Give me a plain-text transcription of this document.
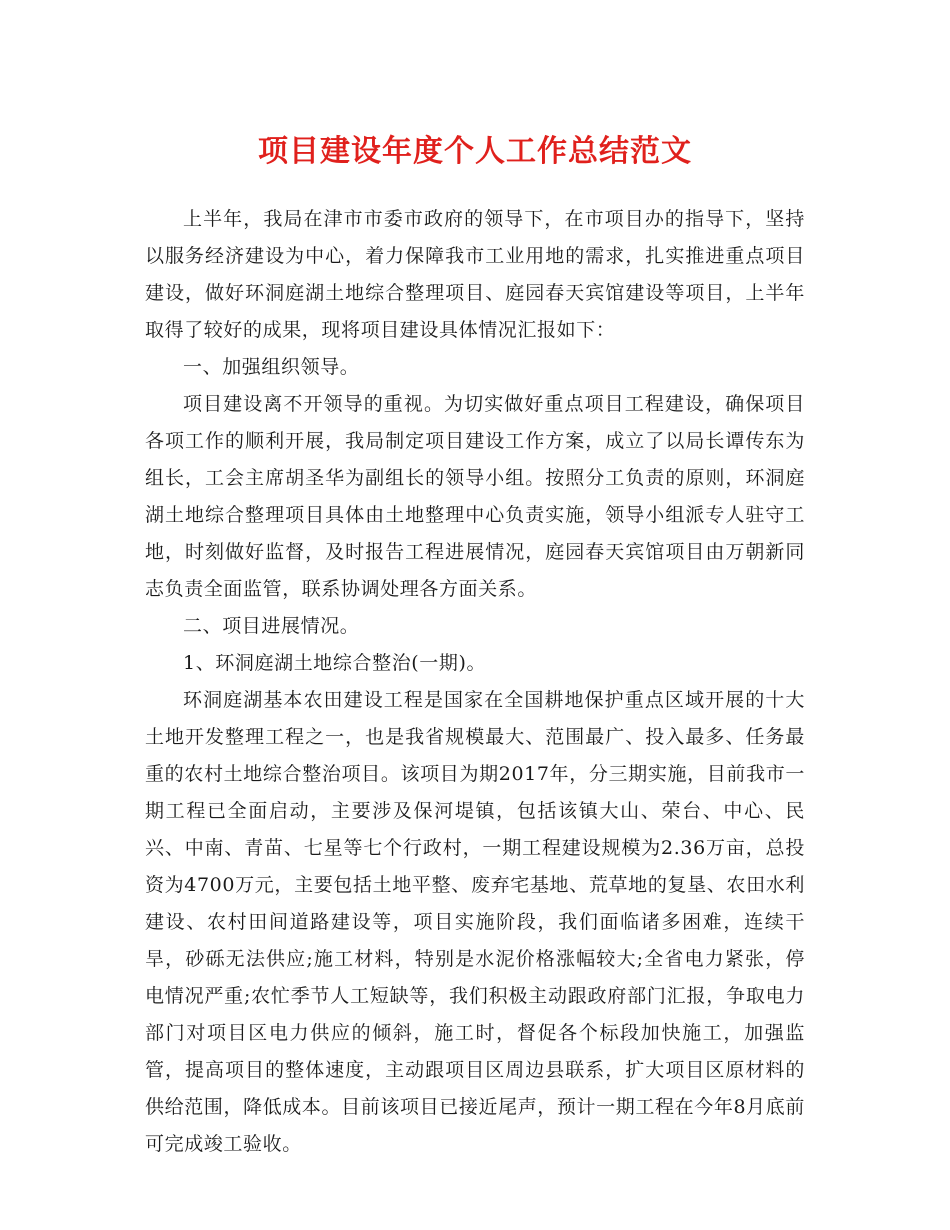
项目建设年度个人工作总结范文

上半年，我局在津市市委市政府的领导下，在市项目办的指导下，坚持以服务经济建设为中心，着力保障我市工业用地的需求，扎实推进重点项目建设，做好环洞庭湖土地综合整理项目、庭园春天宾馆建设等项目，上半年取得了较好的成果，现将项目建设具体情况汇报如下：

一、加强组织领导。

项目建设离不开领导的重视。为切实做好重点项目工程建设，确保项目各项工作的顺利开展，我局制定项目建设工作方案，成立了以局长谭传东为组长，工会主席胡圣华为副组长的领导小组。按照分工负责的原则，环洞庭湖土地综合整理项目具体由土地整理中心负责实施，领导小组派专人驻守工地，时刻做好监督，及时报告工程进展情况，庭园春天宾馆项目由万朝新同志负责全面监管，联系协调处理各方面关系。

二、项目进展情况。

1、环洞庭湖土地综合整治(一期)。

环洞庭湖基本农田建设工程是国家在全国耕地保护重点区域开展的十大土地开发整理工程之一，也是我省规模最大、范围最广、投入最多、任务最重的农村土地综合整治项目。该项目为期2017年，分三期实施，目前我市一期工程已全面启动，主要涉及保河堤镇，包括该镇大山、荣台、中心、民兴、中南、青苗、七星等七个行政村，一期工程建设规模为2.36万亩，总投资为4700万元，主要包括土地平整、废弃宅基地、荒草地的复垦、农田水利建设、农村田间道路建设等，项目实施阶段，我们面临诸多困难，连续干旱，砂砾无法供应;施工材料，特别是水泥价格涨幅较大;全省电力紧张，停电情况严重;农忙季节人工短缺等，我们积极主动跟政府部门汇报，争取电力部门对项目区电力供应的倾斜，施工时，督促各个标段加快施工，加强监管，提高项目的整体速度，主动跟项目区周边县联系，扩大项目区原材料的供给范围，降低成本。目前该项目已接近尾声，预计一期工程在今年8月底前可完成竣工验收。
